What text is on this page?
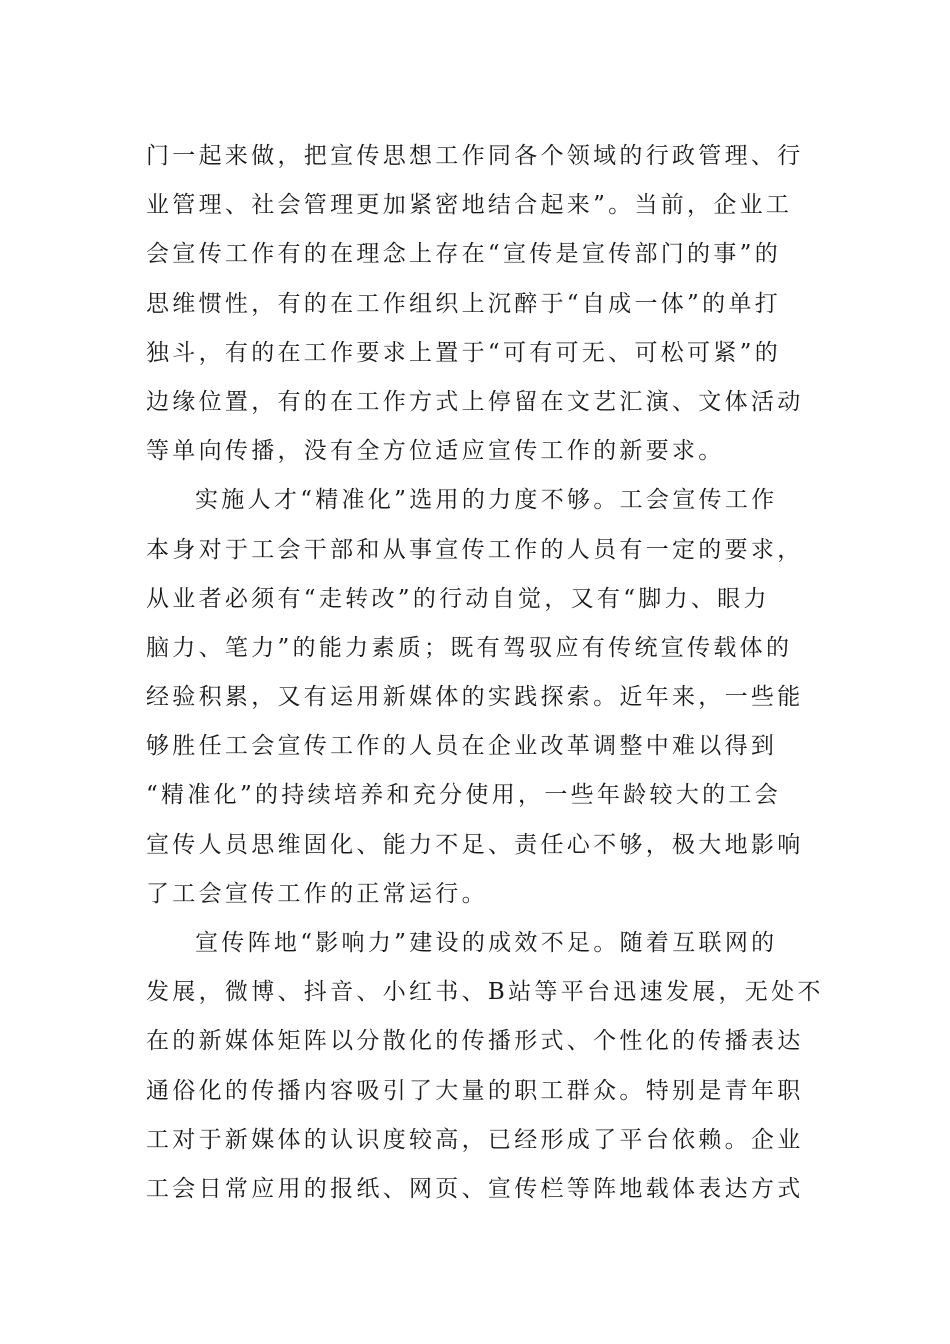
门一起来做，把宣传思想工作同各个领域的行政管理、行
业管理、社会管理更加紧密地结合起来”。当前，企业工
会宣传工作有的在理念上存在“宣传是宣传部门的事”的
思维惯性，有的在工作组织上沉醉于“自成一体”的单打
独斗，有的在工作要求上置于“可有可无、可松可紧”的
边缘位置，有的在工作方式上停留在文艺汇演、文体活动
等单向传播，没有全方位适应宣传工作的新要求。
实施人才“精准化”选用的力度不够。工会宣传工作
本身对于工会干部和从事宣传工作的人员有一定的要求，
从业者必须有“走转改”的行动自觉，又有“脚力、眼力
脑力、笔力”的能力素质；既有驾驭应有传统宣传载体的
经验积累，又有运用新媒体的实践探索。近年来，一些能
够胜任工会宣传工作的人员在企业改革调整中难以得到
“精准化”的持续培养和充分使用，一些年龄较大的工会
宣传人员思维固化、能力不足、责任心不够，极大地影响
了工会宣传工作的正常运行。
宣传阵地“影响力”建设的成效不足。随着互联网的
发展，微博、抖音、小红书、B站等平台迅速发展，无处不
在的新媒体矩阵以分散化的传播形式、个性化的传播表达
通俗化的传播内容吸引了大量的职工群众。特别是青年职
工对于新媒体的认识度较高，已经形成了平台依赖。企业
工会日常应用的报纸、网页、宣传栏等阵地载体表达方式
